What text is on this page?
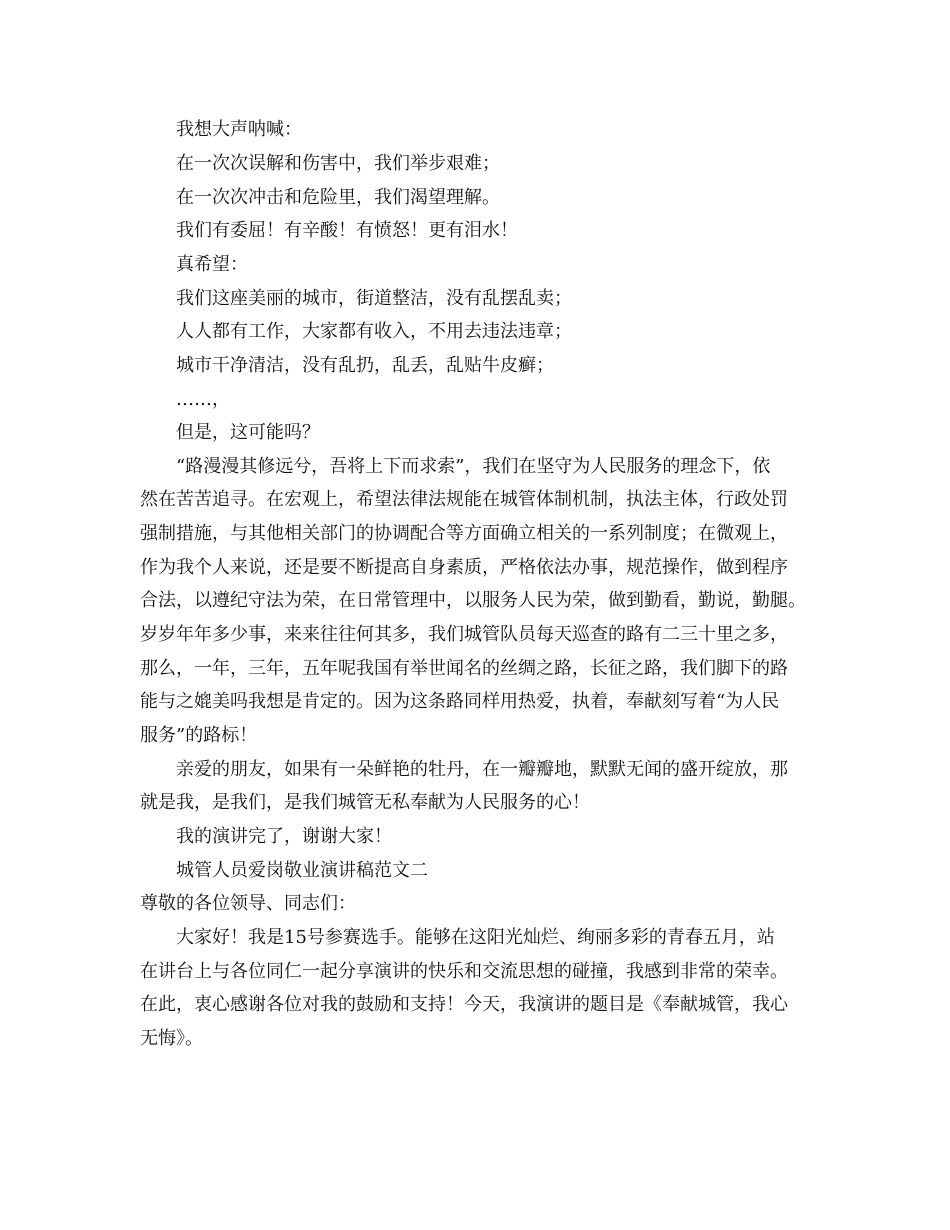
我想大声呐喊：

在一次次误解和伤害中，我们举步艰难；

在一次次冲击和危险里，我们渴望理解。

我们有委屈！有辛酸！有愤怒！更有泪水！

真希望：

我们这座美丽的城市，街道整洁，没有乱摆乱卖；

人人都有工作，大家都有收入，不用去违法违章；

城市干净清洁，没有乱扔，乱丢，乱贴牛皮癣；

……，

但是，这可能吗？

“路漫漫其修远兮，吾将上下而求索”，我们在坚守为人民服务的理念下，依

然在苦苦追寻。在宏观上，希望法律法规能在城管体制机制，执法主体，行政处罚

强制措施，与其他相关部门的协调配合等方面确立相关的一系列制度；在微观上，

作为我个人来说，还是要不断提高自身素质，严格依法办事，规范操作，做到程序

合法，以遵纪守法为荣，在日常管理中，以服务人民为荣，做到勤看，勤说，勤腿。

岁岁年年多少事，来来往往何其多，我们城管队员每天巡查的路有二三十里之多，

那么，一年，三年，五年呢我国有举世闻名的丝绸之路，长征之路，我们脚下的路

能与之媲美吗我想是肯定的。因为这条路同样用热爱，执着，奉献刻写着“为人民

服务”的路标！

亲爱的朋友，如果有一朵鲜艳的牡丹，在一瓣瓣地，默默无闻的盛开绽放，那

就是我，是我们，是我们城管无私奉献为人民服务的心！

我的演讲完了，谢谢大家！

城管人员爱岗敬业演讲稿范文二

尊敬的各位领导、同志们：

大家好！我是15号参赛选手。能够在这阳光灿烂、绚丽多彩的青春五月，站

在讲台上与各位同仁一起分享演讲的快乐和交流思想的碰撞，我感到非常的荣幸。

在此，衷心感谢各位对我的鼓励和支持！今天，我演讲的题目是《奉献城管，我心

无悔》。
